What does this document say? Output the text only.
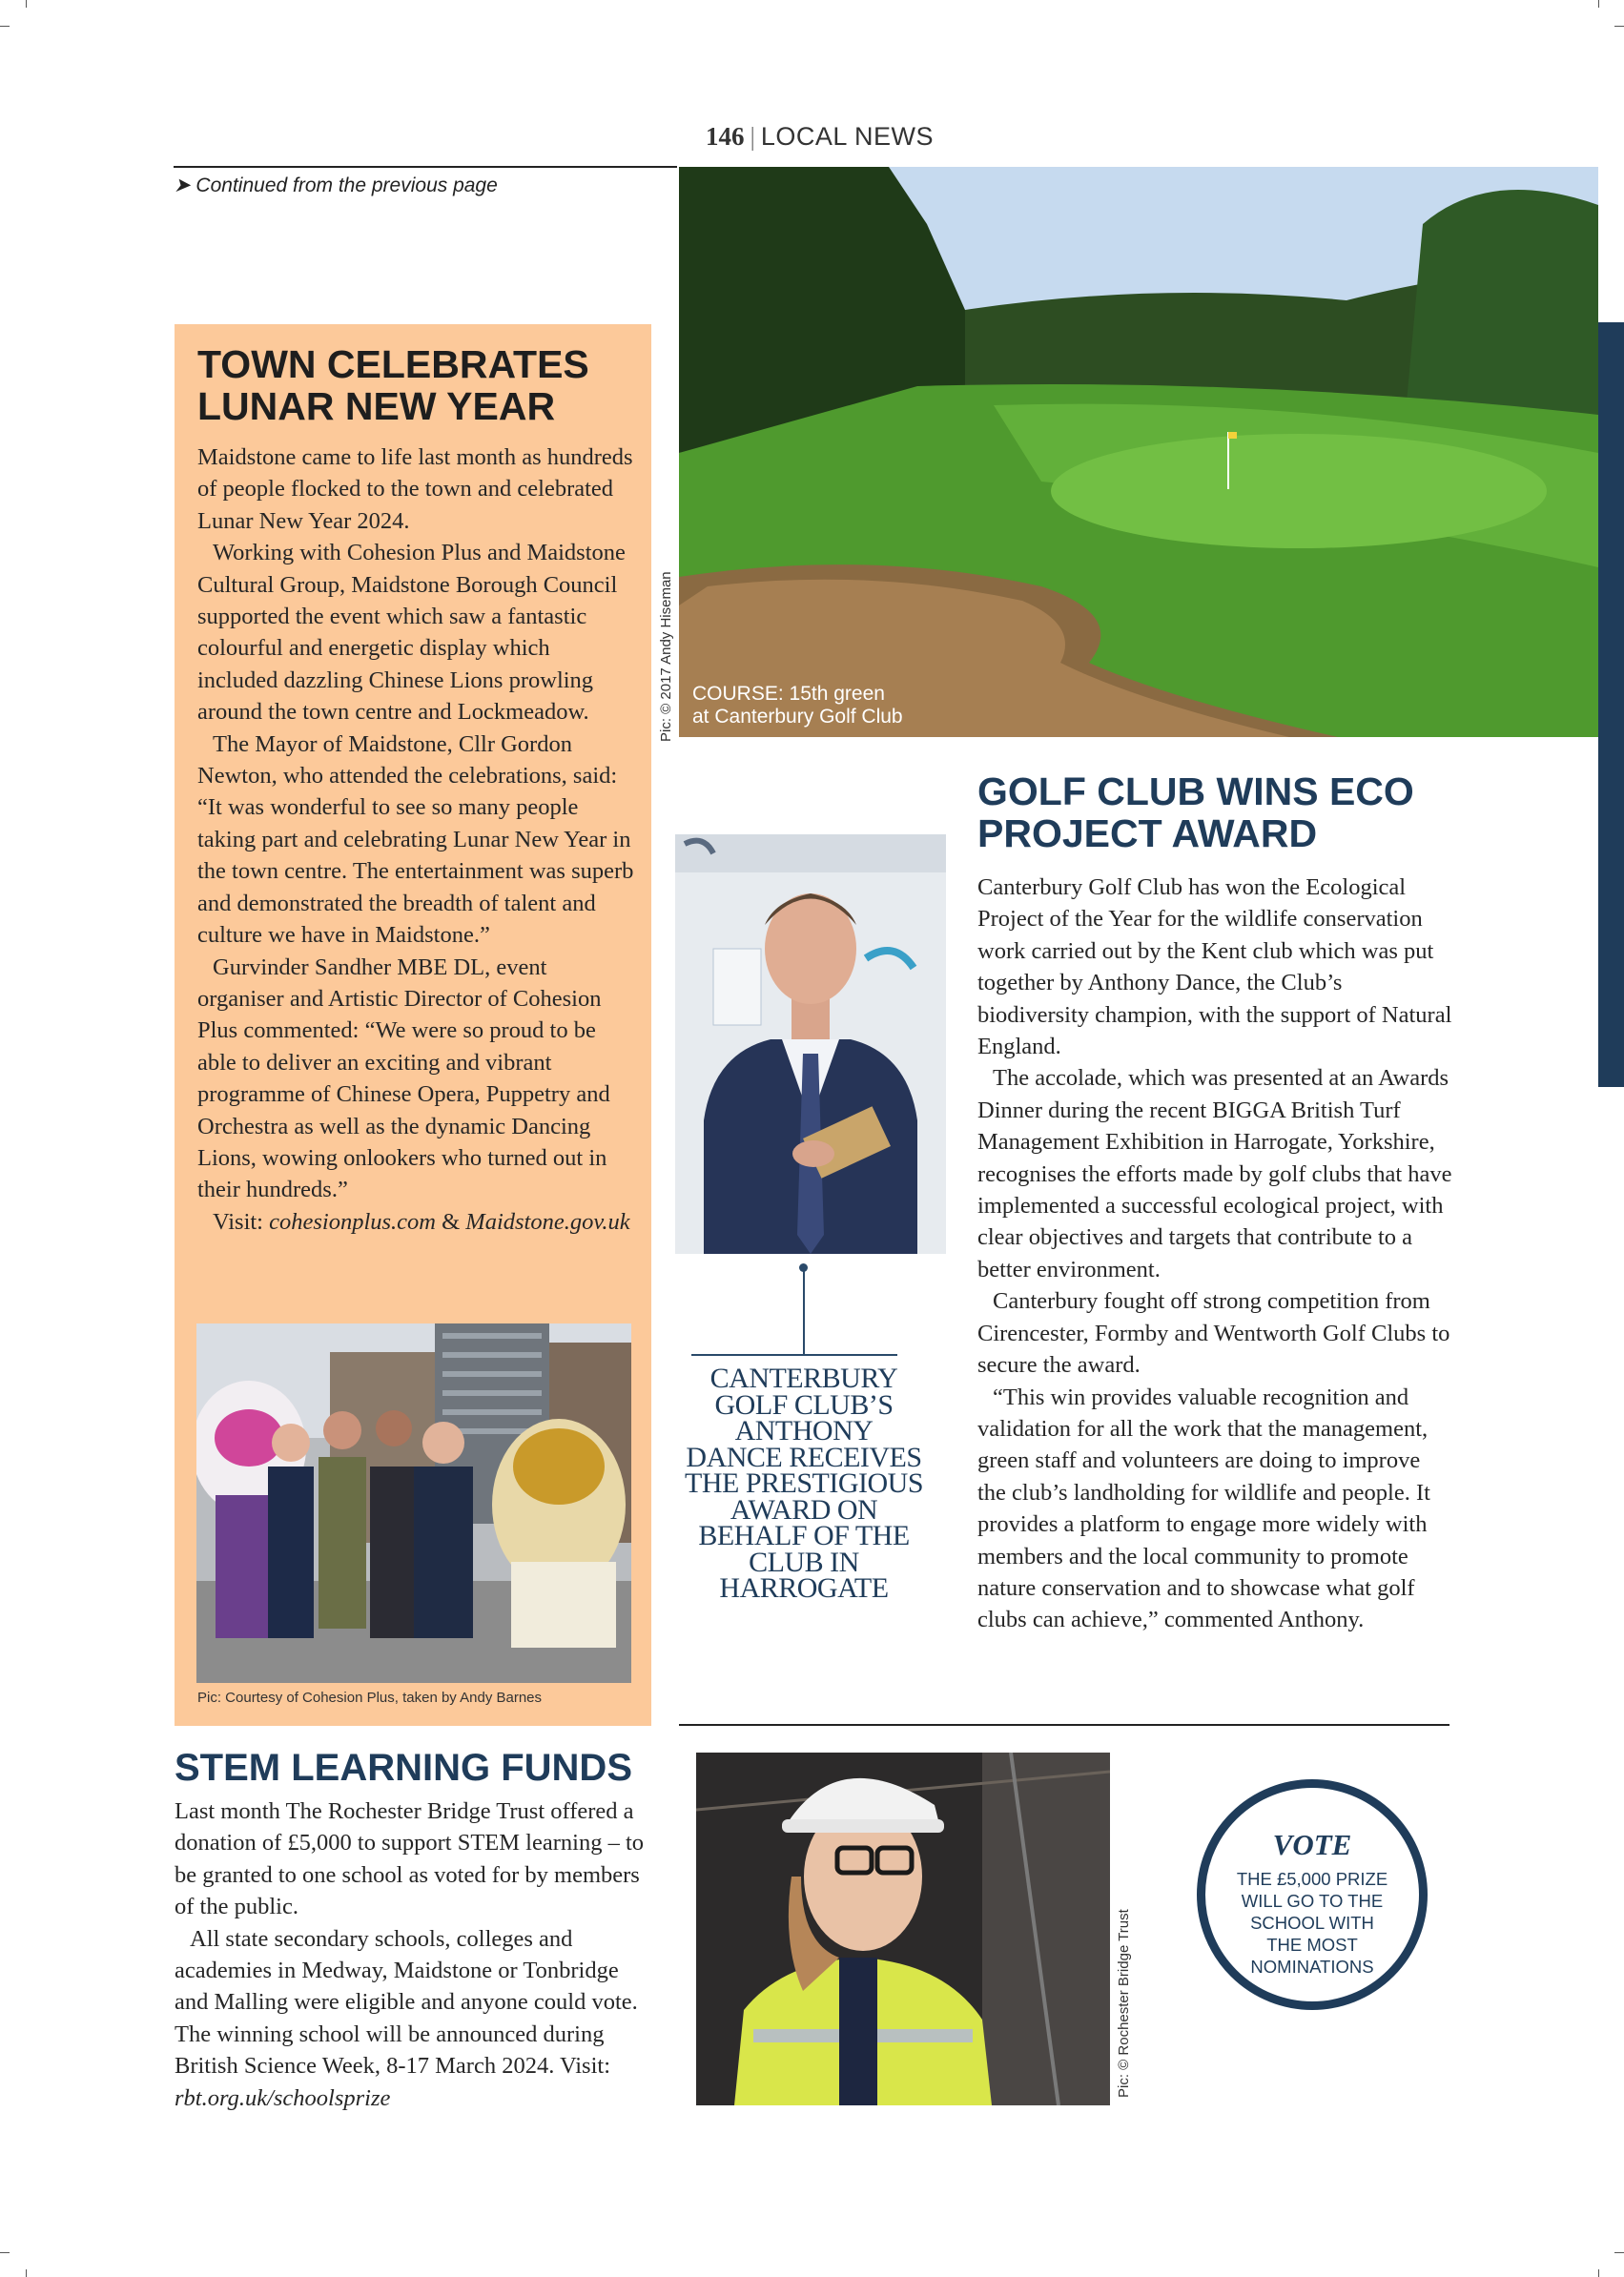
146 | LOCAL NEWS
➤ Continued from the previous page
TOWN CELEBRATES LUNAR NEW YEAR

Maidstone came to life last month as hundreds of people flocked to the town and celebrated Lunar New Year 2024.

Working with Cohesion Plus and Maidstone Cultural Group, Maidstone Borough Council supported the event which saw a fantastic colourful and energetic display which included dazzling Chinese Lions prowling around the town centre and Lockmeadow.

The Mayor of Maidstone, Cllr Gordon Newton, who attended the celebrations, said: “It was wonderful to see so many people taking part and celebrating Lunar New Year in the town centre. The entertainment was superb and demonstrated the breadth of talent and culture we have in Maidstone.”

Gurvinder Sandher MBE DL, event organiser and Artistic Director of Cohesion Plus commented: “We were so proud to be able to deliver an exciting and vibrant programme of Chinese Opera, Puppetry and Orchestra as well as the dynamic Dancing Lions, wowing onlookers who turned out in their hundreds.”

Visit: cohesionplus.com & Maidstone.gov.uk

Pic: Courtesy of Cohesion Plus, taken by Andy Barnes
COURSE: 15th green
at Canterbury Golf Club
Pic: © 2017 Andy Hiseman
GOLF CLUB WINS ECO PROJECT AWARD

Canterbury Golf Club has won the Ecological Project of the Year for the wildlife conservation work carried out by the Kent club which was put together by Anthony Dance, the Club’s biodiversity champion, with the support of Natural England.

The accolade, which was presented at an Awards Dinner during the recent BIGGA British Turf Management Exhibition in Harrogate, Yorkshire, recognises the efforts made by golf clubs that have implemented a successful ecological project, with clear objectives and targets that contribute to a better environment.

Canterbury fought off strong competition from Cirencester, Formby and Wentworth Golf Clubs to secure the award.

“This win provides valuable recognition and validation for all the work that the management, green staff and volunteers are doing to improve the club’s landholding for wildlife and people. It provides a platform to engage more widely with members and the local community to promote nature conservation and to showcase what golf clubs can achieve,” commented Anthony.

CANTERBURY GOLF CLUB’S ANTHONY DANCE RECEIVES THE PRESTIGIOUS AWARD ON BEHALF OF THE CLUB IN HARROGATE
STEM LEARNING FUNDS

Last month The Rochester Bridge Trust offered a donation of £5,000 to support STEM learning – to be granted to one school as voted for by members of the public.

All state secondary schools, colleges and academies in Medway, Maidstone or Tonbridge and Malling were eligible and anyone could vote. The winning school will be announced during British Science Week, 8-17 March 2024. Visit: rbt.org.uk/schoolsprize

Pic: © Rochester Bridge Trust
VOTE
THE £5,000 PRIZE WILL GO TO THE SCHOOL WITH THE MOST NOMINATIONS
